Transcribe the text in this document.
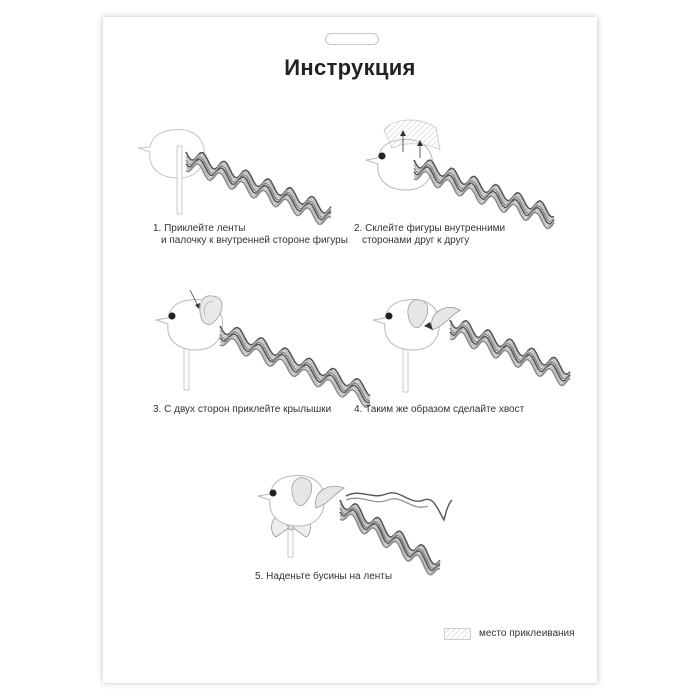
Инструкция
1. Приклейте ленты
и палочку к внутренней стороне фигуры
2. Склейте фигуры внутренними
сторонами друг к другу
3. С двух сторон приклейте крылышки 4. Таким же образом сделайте хвост
5. Наденьте бусины на ленты
место приклеивания
